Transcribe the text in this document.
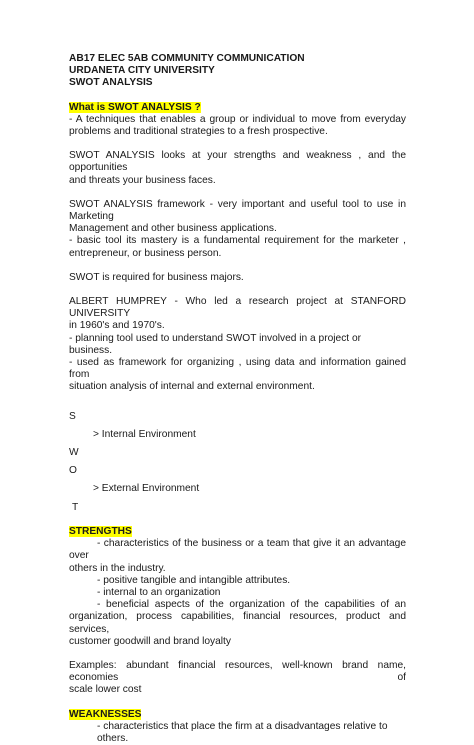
AB17 ELEC 5AB COMMUNITY COMMUNICATION

URDANETA CITY UNIVERSITY

SWOT ANALYSIS

What is SWOT ANALYSIS ?

- A techniques that enables a group or individual to move from everyday

problems and traditional strategies to a fresh prospective.

SWOT ANALYSIS looks at your strengths and weakness , and the opportunities

and threats your business faces.

SWOT ANALYSIS framework - very important and useful tool to use in Marketing

Management and other business applications.

- basic tool its mastery is a fundamental requirement for the marketer ,

entrepreneur, or business person.

SWOT is required for business majors.

ALBERT HUMPREY - Who led a research project at STANFORD UNIVERSITY

in 1960's and 1970's.

- planning tool used to understand SWOT involved in a project or business.

- used as framework for organizing , using data and information gained from

situation analysis of internal and external environment.

S

> Internal Environment

W

O

> External Environment

T

STRENGTHS

- characteristics of the business or a team that give it an advantage over

others in the industry.

- positive tangible and intangible attributes.

- internal to an organization

- beneficial aspects of the organization of the capabilities of an

organization, process capabilities, financial resources, product and services,

customer goodwill and brand loyalty

Examples: abundant financial resources, well-known brand name, economies of

scale lower cost

WEAKNESSES

- characteristics that place the firm at a disadvantages relative to others.
